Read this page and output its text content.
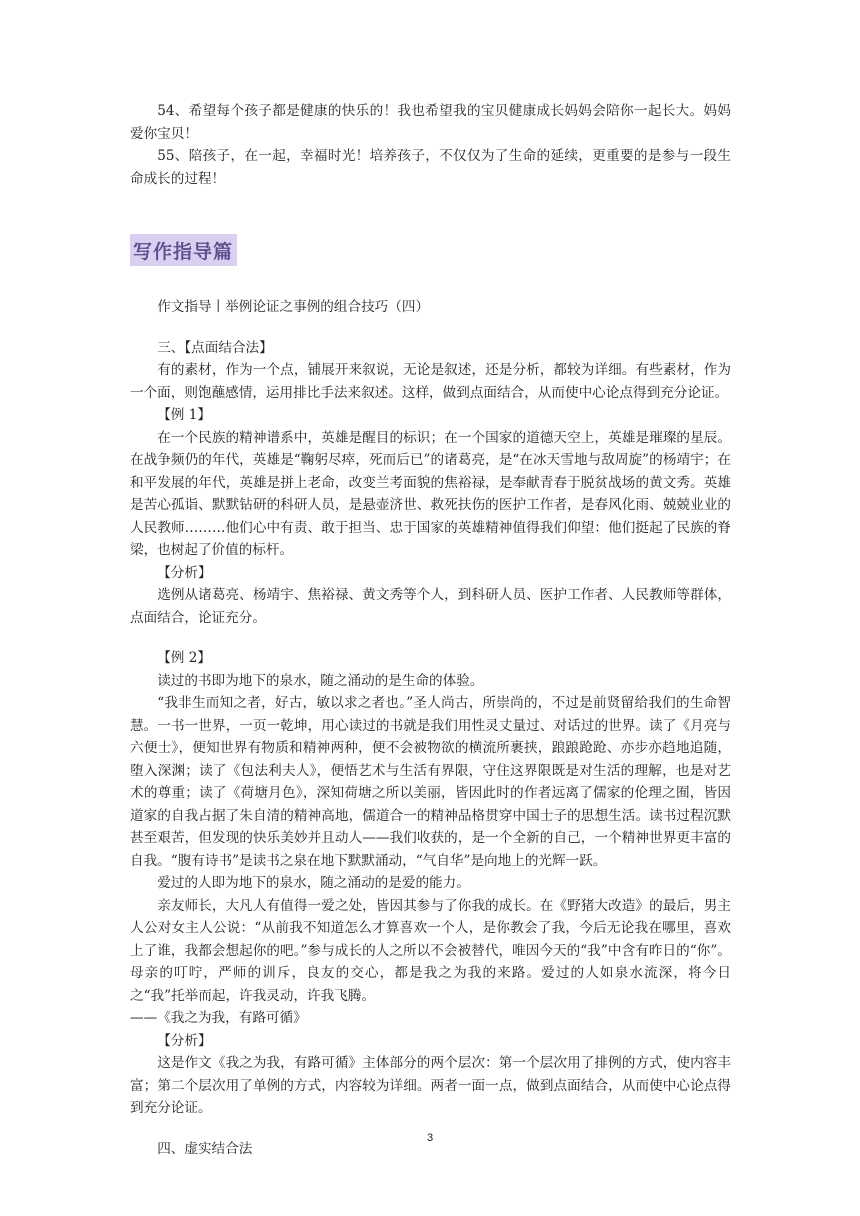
54、希望每个孩子都是健康的快乐的！我也希望我的宝贝健康成长妈妈会陪你一起长大。妈妈爱你宝贝！

55、陪孩子，在一起，幸福时光！培养孩子，不仅仅为了生命的延续，更重要的是参与一段生命成长的过程！

写作指导篇

作文指导丨举例论证之事例的组合技巧（四）

三、【点面结合法】

有的素材，作为一个点，铺展开来叙说，无论是叙述，还是分析，都较为详细。有些素材，作为一个面，则饱蘸感情，运用排比手法来叙述。这样，做到点面结合，从而使中心论点得到充分论证。

【例 1】

在一个民族的精神谱系中，英雄是醒目的标识；在一个国家的道德天空上，英雄是璀璨的星辰。在战争频仍的年代，英雄是“鞠躬尽瘁，死而后已”的诸葛亮，是“在冰天雪地与敌周旋”的杨靖宇；在和平发展的年代，英雄是拼上老命，改变兰考面貌的焦裕禄，是奉献青春于脱贫战场的黄文秀。英雄是苦心孤诣、默默钻研的科研人员，是悬壶济世、救死扶伤的医护工作者，是春风化雨、兢兢业业的人民教师………他们心中有责、敢于担当、忠于国家的英雄精神值得我们仰望：他们挺起了民族的脊梁，也树起了价值的标杆。

【分析】

选例从诸葛亮、杨靖宇、焦裕禄、黄文秀等个人，到科研人员、医护工作者、人民教师等群体，点面结合，论证充分。

【例 2】

读过的书即为地下的泉水，随之涌动的是生命的体验。

“我非生而知之者，好古，敏以求之者也。”圣人尚古，所崇尚的，不过是前贤留给我们的生命智慧。一书一世界，一页一乾坤，用心读过的书就是我们用性灵丈量过、对话过的世界。读了《月亮与六便士》，便知世界有物质和精神两种，便不会被物欲的横流所裹挟，踉踉跄跄、亦步亦趋地追随，堕入深渊；读了《包法利夫人》，便悟艺术与生活有界限，守住这界限既是对生活的理解，也是对艺术的尊重；读了《荷塘月色》，深知荷塘之所以美丽，皆因此时的作者远离了儒家的伦理之囿，皆因道家的自我占据了朱自清的精神高地，儒道合一的精神品格贯穿中国士子的思想生活。读书过程沉默甚至艰苦，但发现的快乐美妙并且动人——我们收获的，是一个全新的自己，一个精神世界更丰富的自我。“腹有诗书”是读书之泉在地下默默涌动，“气自华”是向地上的光辉一跃。

爱过的人即为地下的泉水，随之涌动的是爱的能力。

亲友师长，大凡人有值得一爱之处，皆因其参与了你我的成长。在《野猪大改造》的最后，男主人公对女主人公说：“从前我不知道怎么才算喜欢一个人，是你教会了我，今后无论我在哪里，喜欢上了谁，我都会想起你的吧。”参与成长的人之所以不会被替代，唯因今天的“我”中含有昨日的“你”。母亲的叮咛，严师的训斥，良友的交心，都是我之为我的来路。爱过的人如泉水流深，将今日之“我”托举而起，许我灵动，许我飞腾。

——《我之为我，有路可循》

【分析】

这是作文《我之为我，有路可循》主体部分的两个层次：第一个层次用了排例的方式，使内容丰富；第二个层次用了单例的方式，内容较为详细。两者一面一点，做到点面结合，从而使中心论点得到充分论证。

四、虚实结合法

3
